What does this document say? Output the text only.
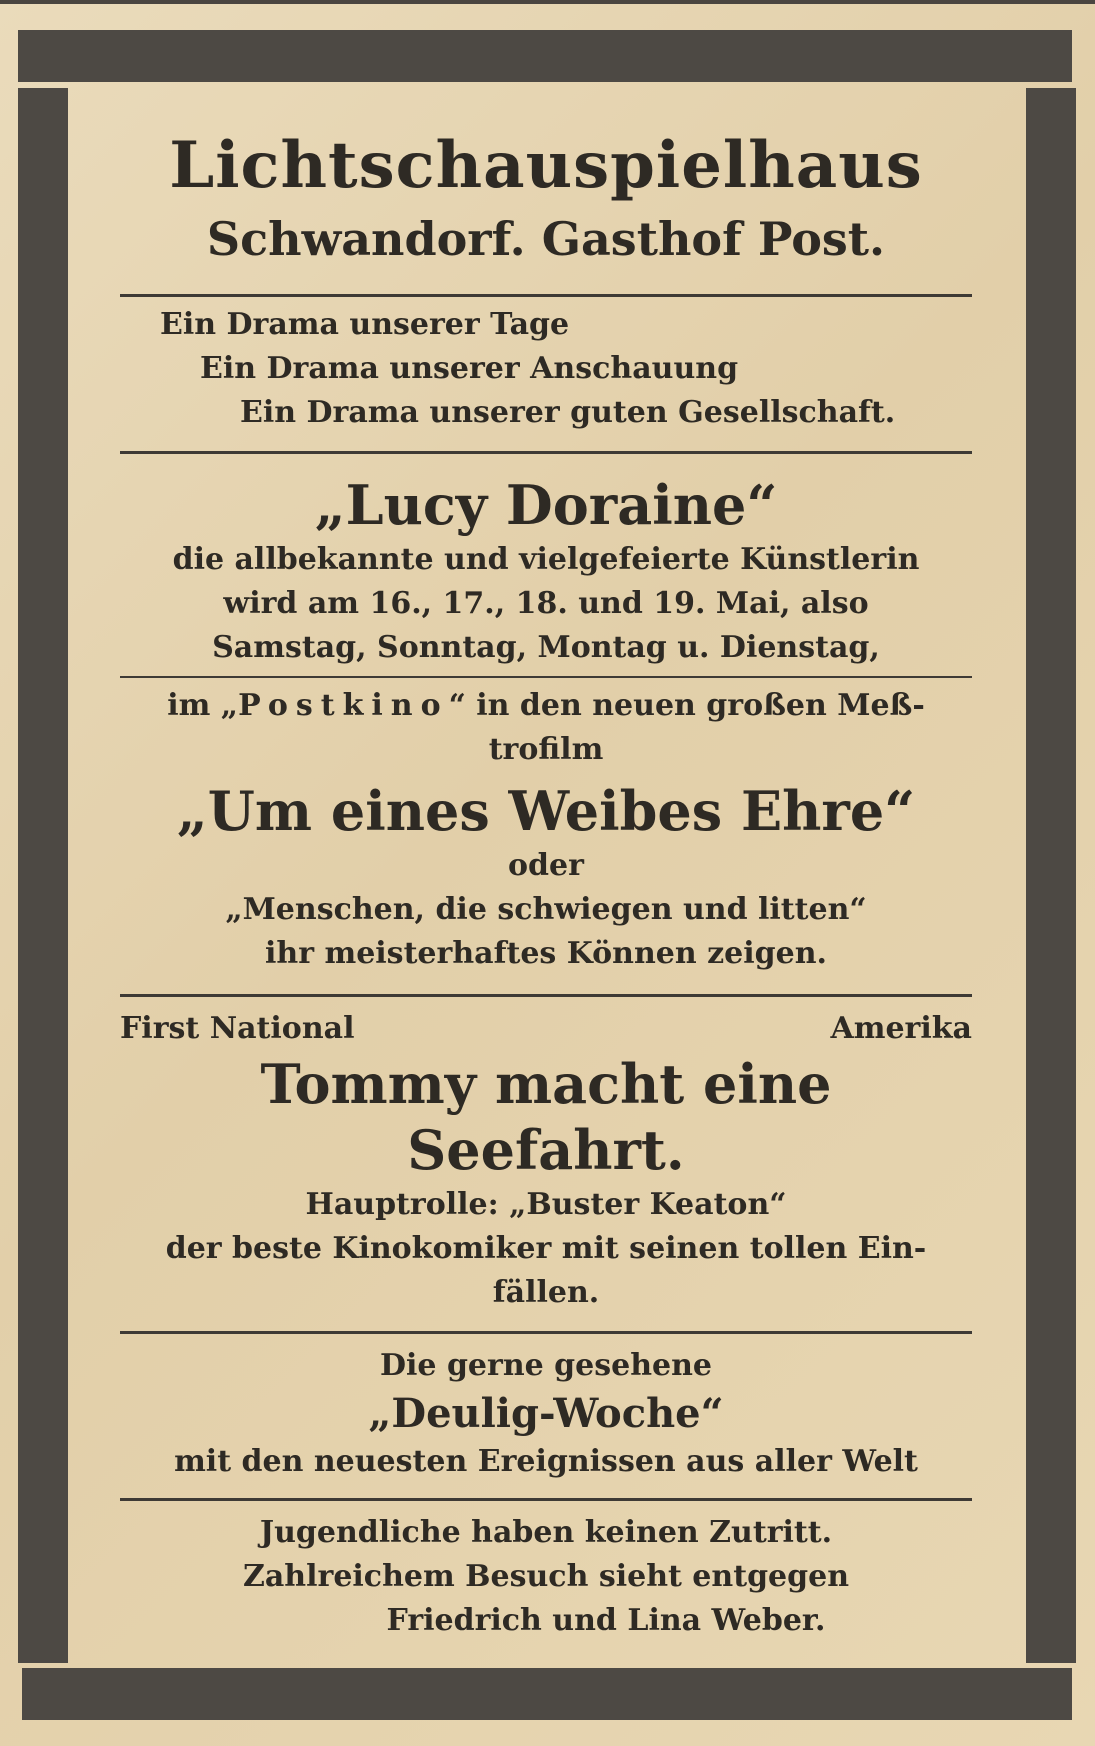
Lichtschauspielhaus
Schwandorf. Gasthof Post.
Ein Drama unserer Tage
Ein Drama unserer Anschauung
Ein Drama unserer guten Gesellschaft.
„Lucy Doraine“
die allbekannte und vielgefeierte Künstlerin
wird am 16., 17., 18. und 19. Mai, also
Samstag, Sonntag, Montag u. Dienstag,
im „Postkino“ in den neuen großen Meß-
trofilm
„Um eines Weibes Ehre“
oder
„Menschen, die schwiegen und litten“
ihr meisterhaftes Können zeigen.
First National	Amerika
Tommy macht eine Seefahrt.
Hauptrolle: „Buster Keaton“
der beste Kinokomiker mit seinen tollen Ein-
fällen.
Die gerne gesehene
„Deulig-Woche“
mit den neuesten Ereignissen aus aller Welt
Jugendliche haben keinen Zutritt.
Zahlreichem Besuch sieht entgegen
Friedrich und Lina Weber.
